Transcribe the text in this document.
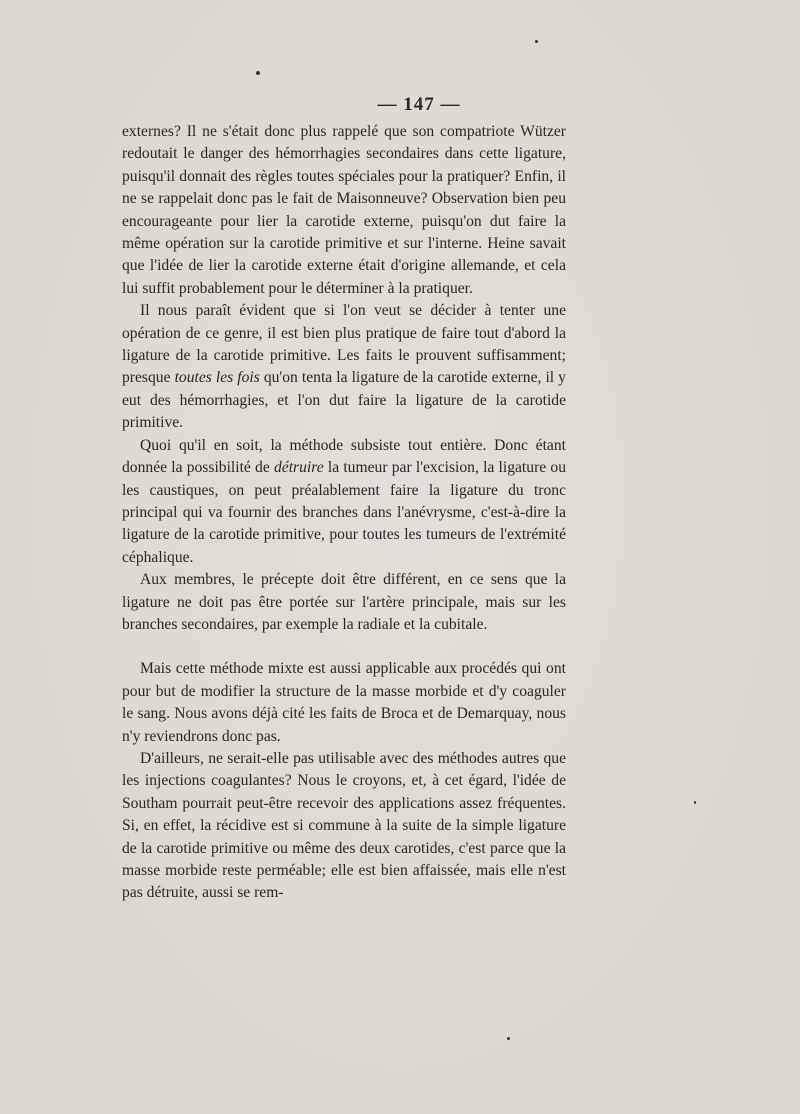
— 147 —

externes? Il ne s'était donc plus rappelé que son compatriote Wützer redoutait le danger des hémorrhagies secondaires dans cette ligature, puisqu'il donnait des règles toutes spéciales pour la pratiquer? Enfin, il ne se rappelait donc pas le fait de Maisonneuve? Observation bien peu encourageante pour lier la carotide externe, puisqu'on dut faire la même opération sur la carotide primitive et sur l'interne. Heine savait que l'idée de lier la carotide externe était d'origine allemande, et cela lui suffit probablement pour le déterminer à la pratiquer.

Il nous paraît évident que si l'on veut se décider à tenter une opération de ce genre, il est bien plus pratique de faire tout d'abord la ligature de la carotide primitive. Les faits le prouvent suffisamment; presque toutes les fois qu'on tenta la ligature de la carotide externe, il y eut des hémorrhagies, et l'on dut faire la ligature de la carotide primitive.

Quoi qu'il en soit, la méthode subsiste tout entière. Donc étant donnée la possibilité de détruire la tumeur par l'excision, la ligature ou les caustiques, on peut préalablement faire la ligature du tronc principal qui va fournir des branches dans l'anévrysme, c'est-à-dire la ligature de la carotide primitive, pour toutes les tumeurs de l'extrémité céphalique.

Aux membres, le précepte doit être différent, en ce sens que la ligature ne doit pas être portée sur l'artère principale, mais sur les branches secondaires, par exemple la radiale et la cubitale.

Mais cette méthode mixte est aussi applicable aux procédés qui ont pour but de modifier la structure de la masse morbide et d'y coaguler le sang. Nous avons déjà cité les faits de Broca et de Demarquay, nous n'y reviendrons donc pas.

D'ailleurs, ne serait-elle pas utilisable avec des méthodes autres que les injections coagulantes? Nous le croyons, et, à cet égard, l'idée de Southam pourrait peut-être recevoir des applications assez fréquentes. Si, en effet, la récidive est si commune à la suite de la simple ligature de la carotide primitive ou même des deux carotides, c'est parce que la masse morbide reste perméable; elle est bien affaissée, mais elle n'est pas détruite, aussi se rem-
